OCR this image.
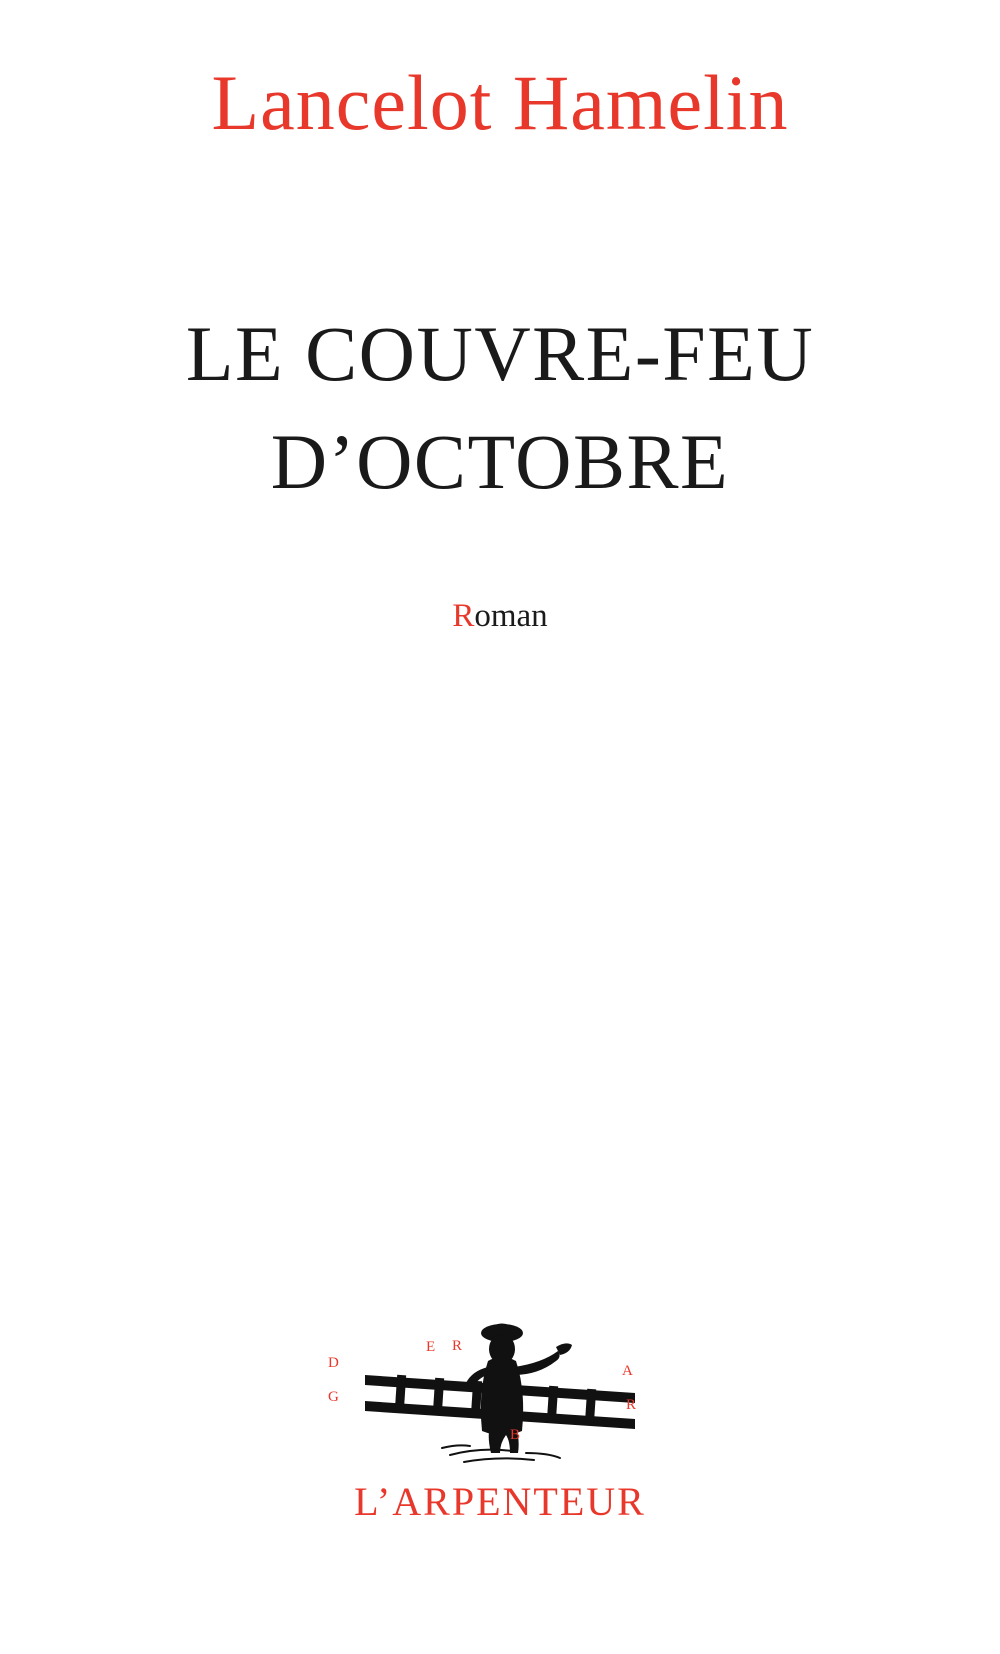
Lancelot Hamelin
LE COUVRE-FEU
D’OCTOBRE
Roman
D
G
E R
B
A
R
L’ARPENTEUR
